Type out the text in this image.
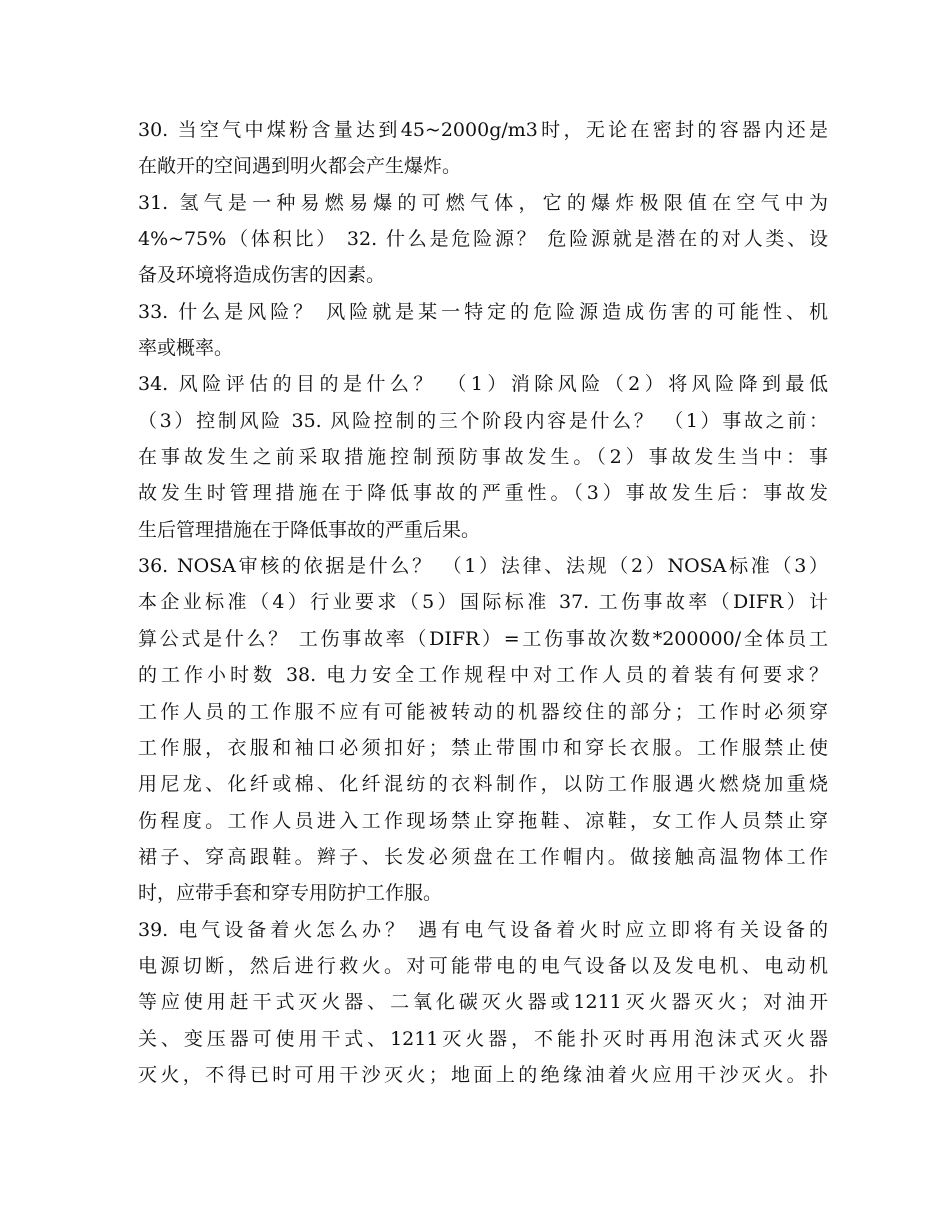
30. 当空气中煤粉含量达到45~2000g/m3时，无论在密封的容器内还是
在敞开的空间遇到明火都会产生爆炸。
31. 氢气是一种易燃易爆的可燃气体，它的爆炸极限值在空气中为
4%~75%（体积比） 32. 什么是危险源？ 危险源就是潜在的对人类、设
备及环境将造成伤害的因素。
33. 什么是风险？ 风险就是某一特定的危险源造成伤害的可能性、机
率或概率。
34. 风险评估的目的是什么？ （1）消除风险（2）将风险降到最低
（3）控制风险 35. 风险控制的三个阶段内容是什么？ （1）事故之前：
在事故发生之前采取措施控制预防事故发生。（2）事故发生当中：事
故发生时管理措施在于降低事故的严重性。（3）事故发生后：事故发
生后管理措施在于降低事故的严重后果。
36. NOSA审核的依据是什么？ （1）法律、法规（2）NOSA标准（3）
本企业标准（4）行业要求（5）国际标准 37. 工伤事故率（DIFR）计
算公式是什么？ 工伤事故率（DIFR）=工伤事故次数*200000/全体员工
的工作小时数 38. 电力安全工作规程中对工作人员的着装有何要求？
工作人员的工作服不应有可能被转动的机器绞住的部分；工作时必须穿
工作服，衣服和袖口必须扣好；禁止带围巾和穿长衣服。工作服禁止使
用尼龙、化纤或棉、化纤混纺的衣料制作，以防工作服遇火燃烧加重烧
伤程度。工作人员进入工作现场禁止穿拖鞋、凉鞋，女工作人员禁止穿
裙子、穿高跟鞋。辫子、长发必须盘在工作帽内。做接触高温物体工作
时，应带手套和穿专用防护工作服。
39. 电气设备着火怎么办？ 遇有电气设备着火时应立即将有关设备的
电源切断，然后进行救火。对可能带电的电气设备以及发电机、电动机
等应使用赶干式灭火器、二氧化碳灭火器或1211灭火器灭火；对油开
关、变压器可使用干式、1211灭火器，不能扑灭时再用泡沫式灭火器
灭火，不得已时可用干沙灭火；地面上的绝缘油着火应用干沙灭火。扑
